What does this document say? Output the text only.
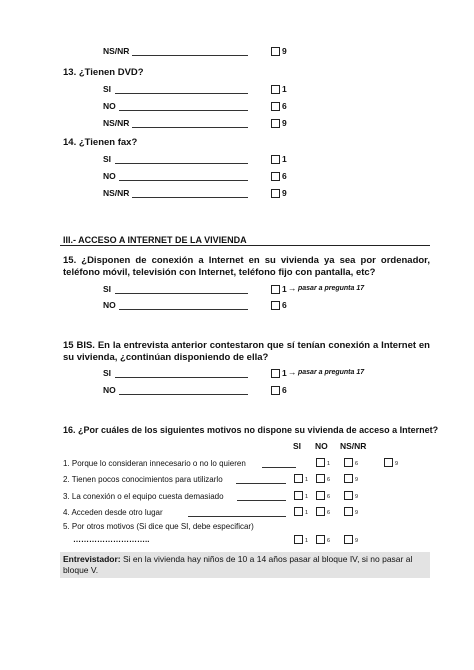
NS/NR	9
13. ¿Tienen DVD?
SI	1
NO	6
NS/NR	9
14. ¿Tienen fax?
SI	1
NO	6
NS/NR	9
III.- ACCESO A INTERNET DE LA VIVIENDA
15. ¿Disponen de conexión a Internet en su vivienda ya sea por ordenador, teléfono móvil, televisión con Internet, teléfono fijo con pantalla, etc?
SI	1 → pasar a pregunta 17
NO	6
15 BIS. En la entrevista anterior contestaron que sí tenían conexión a Internet en su vivienda, ¿continúan disponiendo de ella?
SI	1 → pasar a pregunta 17
NO	6
16. ¿Por cuáles de los siguientes motivos no dispone su vivienda de acceso a Internet?
SI NO NS/NR
1. Porque lo consideran innecesario o no lo quieren	1	6	9
2. Tienen pocos conocimientos para utilizarlo	1	6	9
3. La conexión o el equipo cuesta demasiado	1	6	9
4. Acceden desde otro lugar	1	6	9
5. Por otros motivos (Si dice que SI, debe especificar)
………………………..	1	6	9
Entrevistador: Si en la vivienda hay niños de 10 a 14 años pasar al bloque IV, si no pasar al bloque V.
